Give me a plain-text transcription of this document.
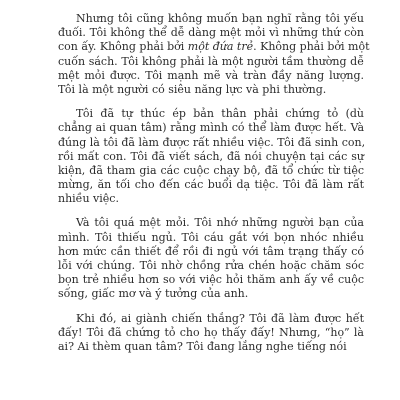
Nhưng tôi cũng không muốn bạn nghĩ rằng tôi yếu
đuối. Tôi không thể dễ dàng mệt mỏi vì những thứ còn
con ấy. Không phải bởi một đứa trẻ. Không phải bởi một
cuốn sách. Tôi không phải là một người tầm thường dễ
mệt mỏi được. Tôi mạnh mẽ và tràn đầy năng lượng.
Tôi là một người có siêu năng lực và phi thường.
Tôi đã tự thúc ép bản thân phải chứng tỏ (dù
chẳng ai quan tâm) rằng mình có thể làm được hết. Và
đúng là tôi đã làm được rất nhiều việc. Tôi đã sinh con,
rồi mất con. Tôi đã viết sách, đã nói chuyện tại các sự
kiện, đã tham gia các cuộc chạy bộ, đã tổ chức từ tiệc
mừng, ăn tối cho đến các buổi dạ tiệc. Tôi đã làm rất
nhiều việc.
Và tôi quá mệt mỏi. Tôi nhớ những người bạn của
mình. Tôi thiếu ngủ. Tôi cáu gắt với bọn nhóc nhiều
hơn mức cần thiết để rồi đi ngủ với tâm trạng thấy có
lỗi với chúng. Tôi nhờ chồng rửa chén hoặc chăm sóc
bọn trẻ nhiều hơn so với việc hỏi thăm anh ấy về cuộc
sống, giấc mơ và ý tưởng của anh.
Khi đó, ai giành chiến thắng? Tôi đã làm được hết
đấy! Tôi đã chứng tỏ cho họ thấy đấy! Nhưng, “họ” là
ai? Ai thèm quan tâm? Tôi đang lắng nghe tiếng nói
